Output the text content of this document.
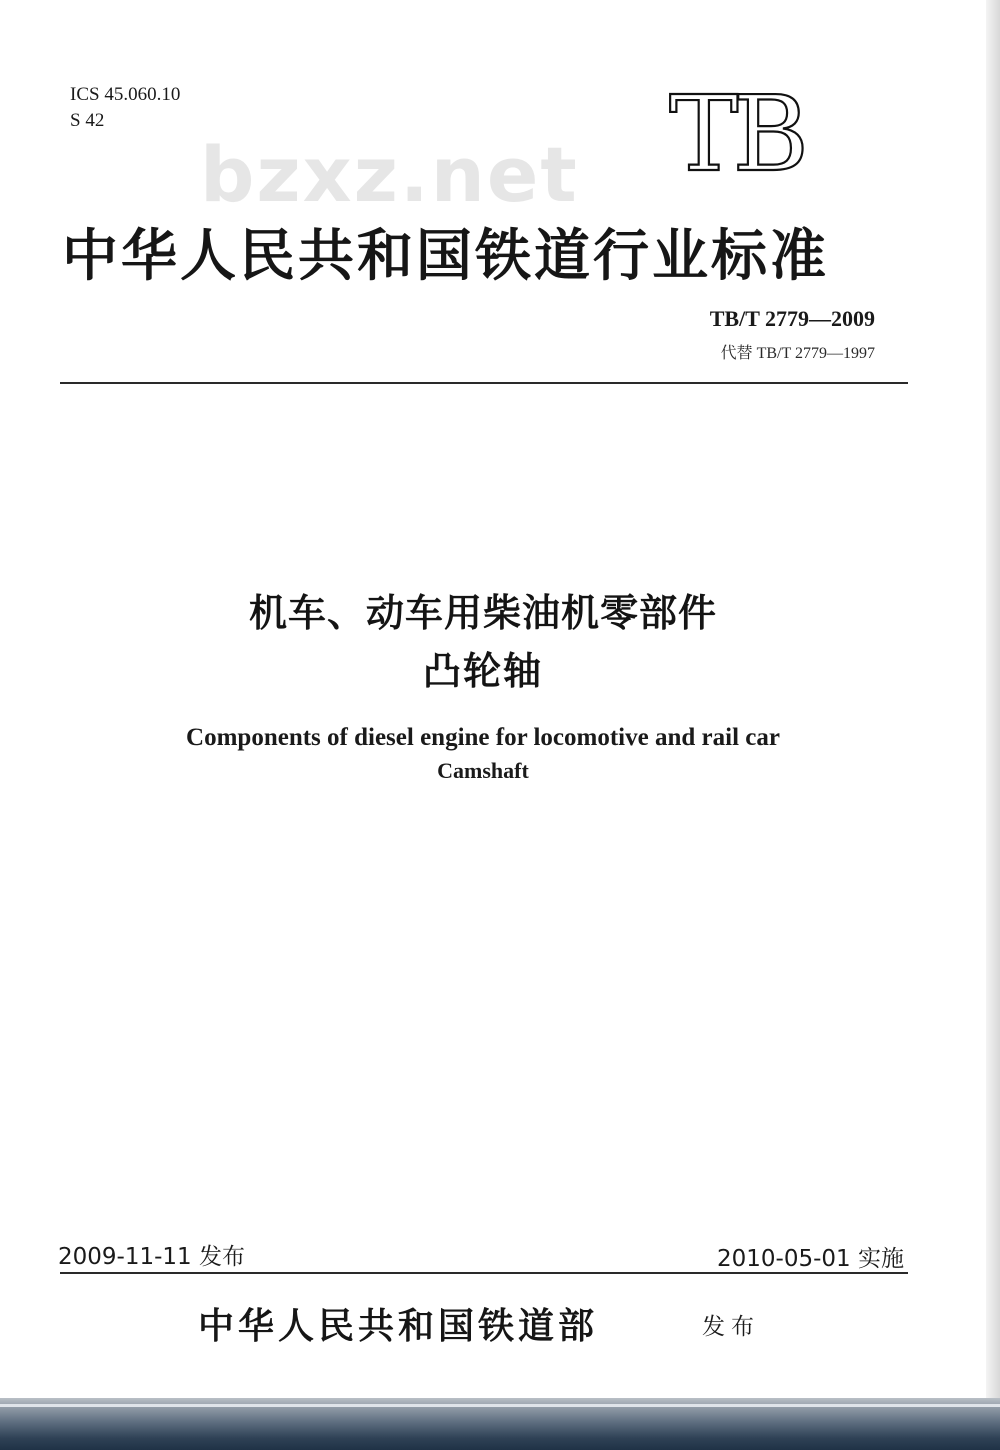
ICS 45.060.10
S 42	TB
bzxz.net
中华人民共和国铁道行业标准
TB/T 2779—2009
代替 TB/T 2779—1997
机车、动车用柴油机零部件
凸轮轴
Components of diesel engine for locomotive and rail car
Camshaft
2009-11-11 发布	2010-05-01 实施
中华人民共和国铁道部	发布
